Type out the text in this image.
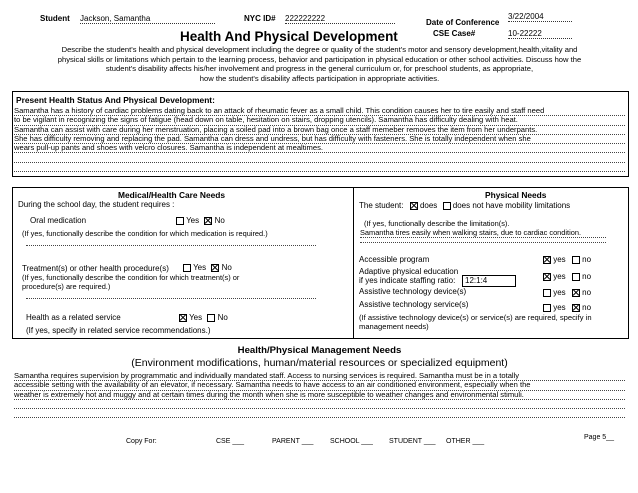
Student Jackson, Samantha	NYC ID# 222222222	Date of Conference
3/22/2004
CSE Case#	10-22222
Health And Physical Development
Describe the student's health and physical development including the degree or quality of the student's motor and sensory development,health,vitality and
physical skills or limitations which pertain to the learning process, behavior and participation in physical education or other school activities. Discuss how the
student's disability affects his/her involvement and progress in the general curriculum or, for preschool students, as appropriate,
how the student's disability affects participation in appropriate activities.
Present Health Status And Physical Development:
Samantha has a history of cardiac problems dating back to an attack of rheumatic fever as a small child. This condition causes her to tire easily and staff need
to be vigilant in recognizing the signs of fatigue (head down on table, hesitation on stairs, dropping utencils). Samantha has difficulty dealing with heat.
Samantha can assist with care during her menstruation, placing a soiled pad into a brown bag once a staff memeber removes the item from her underpants.
She has difficulty removing and replacing the pad. Samantha can dress and undress, but has difficulty with fasteners. She is totally independent when she
wears pull-up pants and shoes with velcro closures. Samantha is independent at mealtimes.
Medical/Health Care Needs
During the school day, the student requires :
Oral medication	Yes No
(If yes, functionally describe the condition for which medication is required.)
Treatment(s) or other health procedure(s)	Yes No
(If yes, functionally describe the condition for which treatment(s) or procedure(s) are required.)
Health as a related service	Yes No
(If yes, specify in related service recommendations.)
Physical Needs
The student: does does not have mobility limitations
(If yes, functionally describe the limitation(s).
Samantha tires easily when walking stairs, due to cardiac condition.
Accessible program	yes no
Adaptive physical education
if yes indicate staffing ratio:	12:1:4	yes no
Assistive technology device(s)	yes no
Assistive technology service(s)	yes no
(If assistive technology device(s) or service(s) are required, specify in management needs)
Health/Physical Management Needs
(Environment modifications, human/material resources or specialized equipment)
Samantha requires supervision by programmatic and individually mandated staff. Access to nursing services is required. Samantha must be in a totally
accessible setting with the availability of an elevator, if necessary. Samantha needs to have access to an air conditioned environment, especially when the
weather is extremely hot and muggy and at certain times during the month when she is more susceptible to weather changes and environmental stimuli.
Copy For:	CSE ___	PARENT ___ SCHOOL ___ STUDENT ___ OTHER ___
Page 5__
